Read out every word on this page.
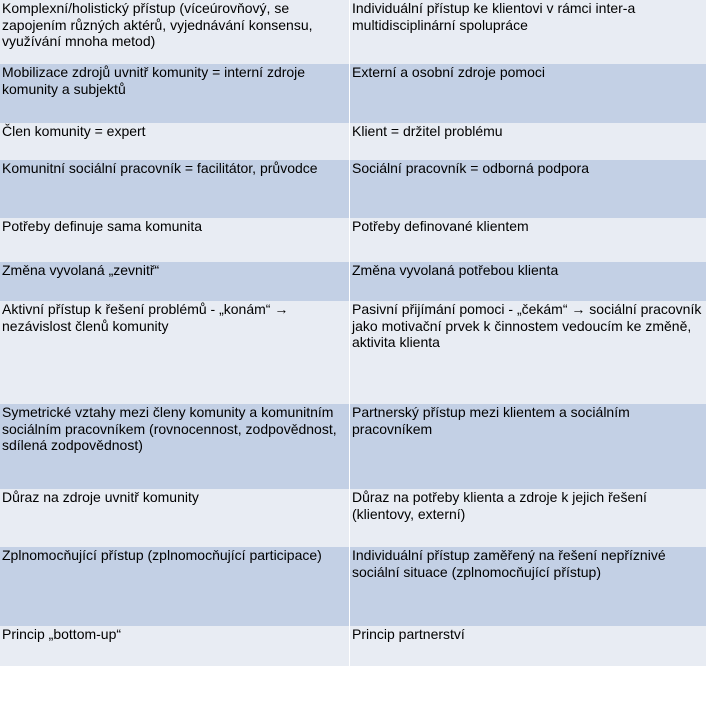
Komplexní/holistický přístup (víceúrovňový, se zapojením různých aktérů, vyjednávání konsensu, využívání mnoha metod)	Individuální přístup ke klientovi v rámci inter-a multidisciplinární spolupráce
Mobilizace zdrojů uvnitř komunity = interní zdroje komunity a subjektů	Externí a osobní zdroje pomoci
Člen komunity = expert	Klient = držitel problému
Komunitní sociální pracovník = facilitátor, průvodce	Sociální pracovník = odborná podpora
Potřeby definuje sama komunita	Potřeby definované klientem
Změna vyvolaná „zevnitř“	Změna vyvolaná potřebou klienta
Aktivní přístup k řešení problémů - „konám“ → nezávislost členů komunity	Pasivní přijímání pomoci - „čekám“ → sociální pracovník jako motivační prvek k činnostem vedoucím ke změně, aktivita klienta
Symetrické vztahy mezi členy komunity a komunitním sociálním pracovníkem (rovnocennost, zodpovědnost, sdílená zodpovědnost)	Partnerský přístup mezi klientem a sociálním pracovníkem
Důraz na zdroje uvnitř komunity	Důraz na potřeby klienta a zdroje k jejich řešení (klientovy, externí)
Zplnomocňující přístup (zplnomocňující participace)	Individuální přístup zaměřený na řešení nepříznivé sociální situace (zplnomocňující přístup)
Princip „bottom-up“	Princip partnerství
